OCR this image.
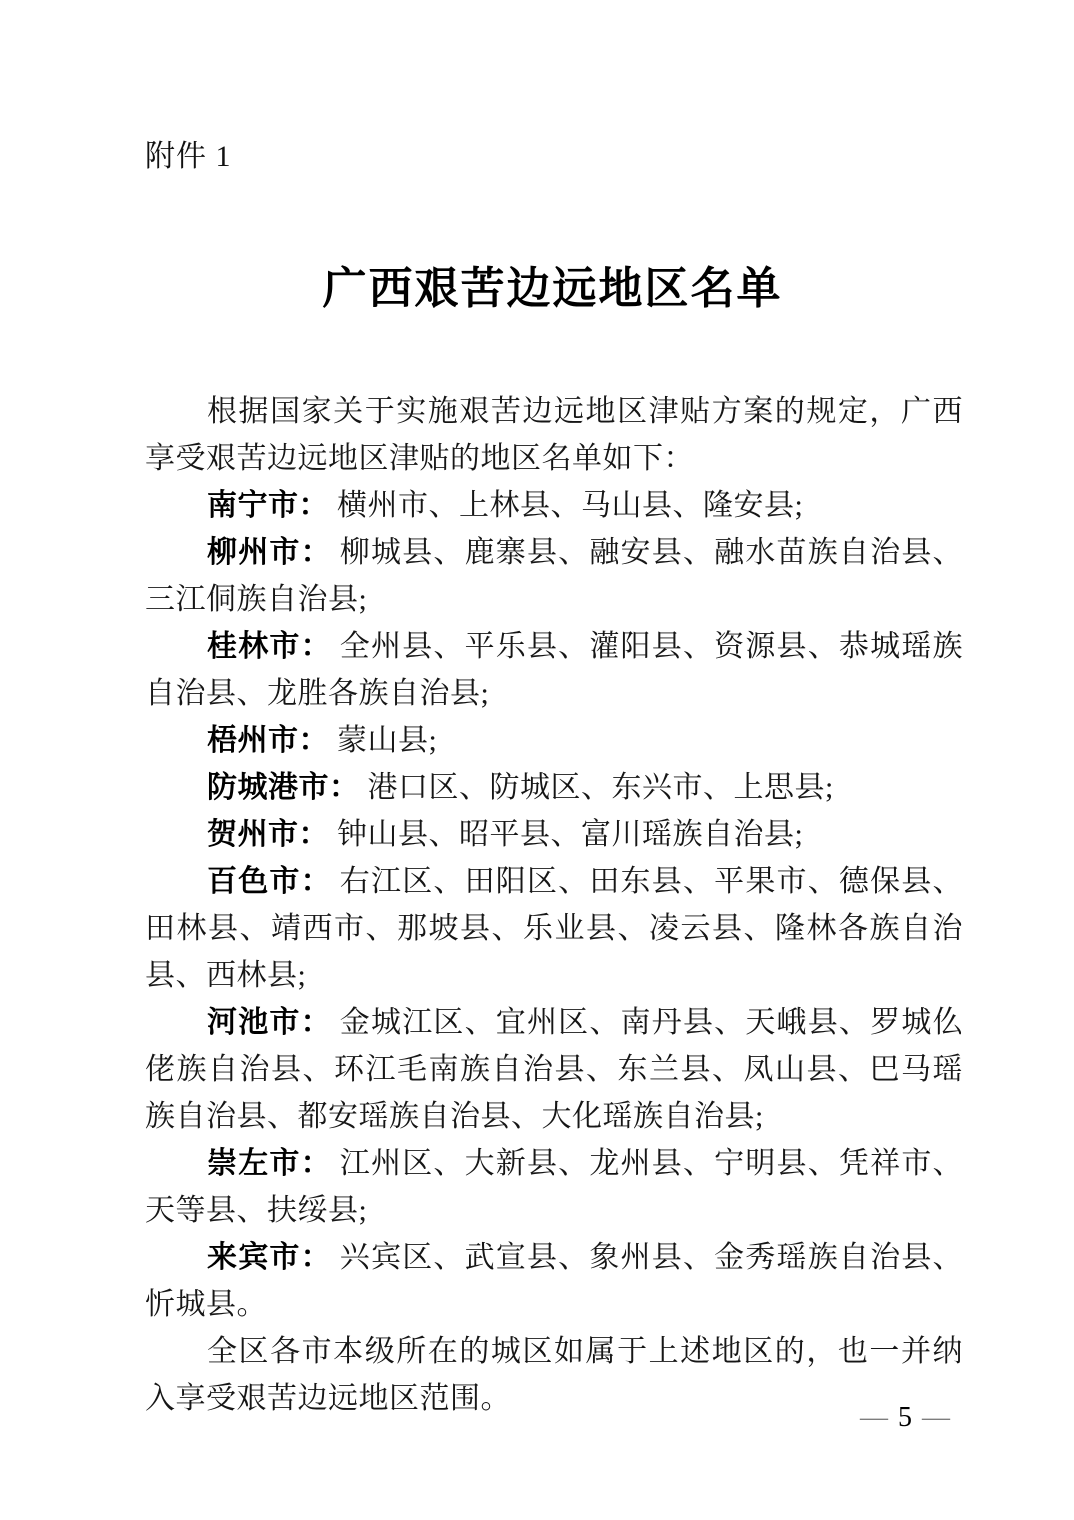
附件 1
广西艰苦边远地区名单

根据国家关于实施艰苦边远地区津贴方案的规定，广西享受艰苦边远地区津贴的地区名单如下：

南宁市： 横州市、上林县、马山县、隆安县;

柳州市： 柳城县、鹿寨县、融安县、融水苗族自治县、三江侗族自治县;

桂林市： 全州县、平乐县、灌阳县、资源县、恭城瑶族自治县、龙胜各族自治县;

梧州市： 蒙山县;

防城港市： 港口区、防城区、东兴市、上思县;

贺州市： 钟山县、昭平县、富川瑶族自治县;

百色市： 右江区、田阳区、田东县、平果市、德保县、田林县、靖西市、那坡县、乐业县、凌云县、隆林各族自治县、西林县;

河池市： 金城江区、宜州区、南丹县、天峨县、罗城仫佬族自治县、环江毛南族自治县、东兰县、凤山县、巴马瑶族自治县、都安瑶族自治县、大化瑶族自治县;

崇左市： 江州区、大新县、龙州县、宁明县、凭祥市、天等县、扶绥县;

来宾市： 兴宾区、武宣县、象州县、金秀瑶族自治县、忻城县。

全区各市本级所在的城区如属于上述地区的，也一并纳入享受艰苦边远地区范围。

— 5 —
